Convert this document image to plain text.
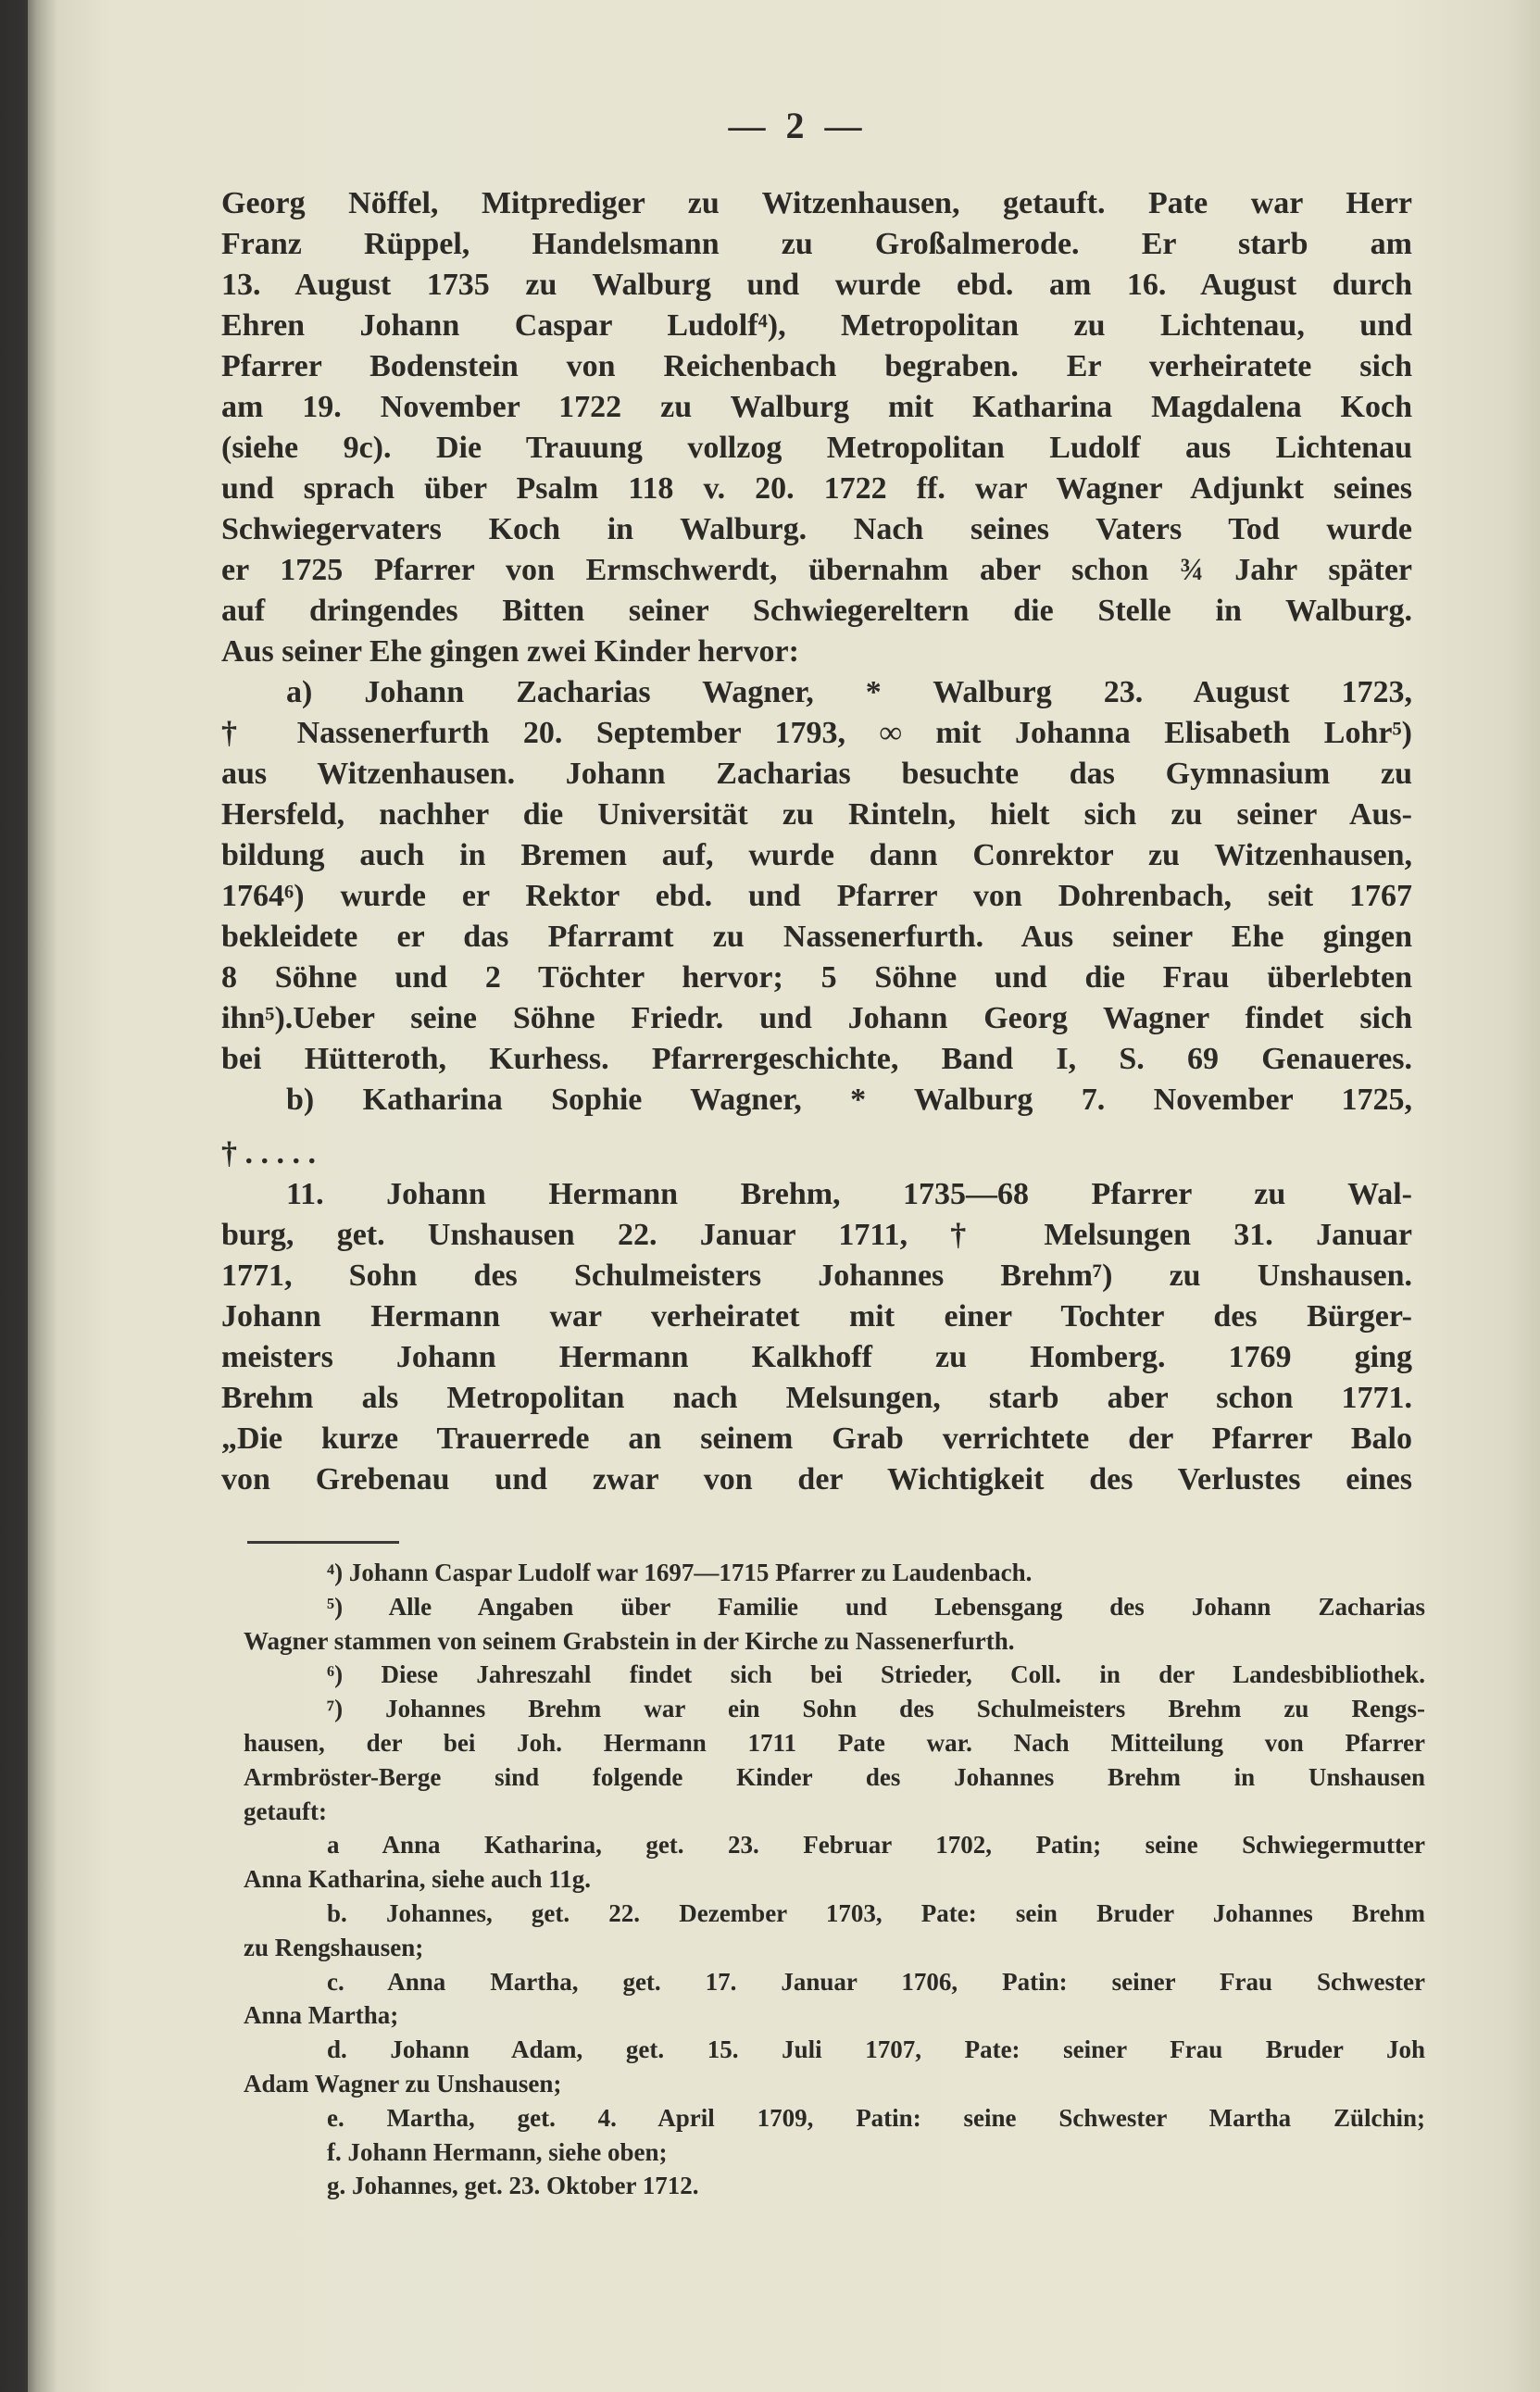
— 2 —
Georg Nöffel, Mitprediger zu Witzenhausen, getauft. Pate war Herr
Franz Rüppel, Handelsmann zu Großalmerode. Er starb am
13. August 1735 zu Walburg und wurde ebd. am 16. August durch
Ehren Johann Caspar Ludolf⁴), Metropolitan zu Lichtenau, und
Pfarrer Bodenstein von Reichenbach begraben. Er verheiratete sich
am 19. November 1722 zu Walburg mit Katharina Magdalena Koch
(siehe 9c). Die Trauung vollzog Metropolitan Ludolf aus Lichtenau
und sprach über Psalm 118 v. 20. 1722 ff. war Wagner Adjunkt seines
Schwiegervaters Koch in Walburg. Nach seines Vaters Tod wurde
er 1725 Pfarrer von Ermschwerdt, übernahm aber schon ¾ Jahr später
auf dringendes Bitten seiner Schwiegereltern die Stelle in Walburg.
Aus seiner Ehe gingen zwei Kinder hervor:
a) Johann Zacharias Wagner, * Walburg 23. August 1723,
† Nassenerfurth 20. September 1793, ∞ mit Johanna Elisabeth Lohr⁵)
aus Witzenhausen. Johann Zacharias besuchte das Gymnasium zu
Hersfeld, nachher die Universität zu Rinteln, hielt sich zu seiner Aus-
bildung auch in Bremen auf, wurde dann Conrektor zu Witzenhausen,
1764⁶) wurde er Rektor ebd. und Pfarrer von Dohrenbach, seit 1767
bekleidete er das Pfarramt zu Nassenerfurth. Aus seiner Ehe gingen
8 Söhne und 2 Töchter hervor; 5 Söhne und die Frau überlebten
ihn⁵).Ueber seine Söhne Friedr. und Johann Georg Wagner findet sich
bei Hütteroth, Kurhess. Pfarrergeschichte, Band I, S. 69 Genaueres.
b) Katharina Sophie Wagner, * Walburg 7. November 1725,
† . . . . .
11. Johann Hermann Brehm, 1735—68 Pfarrer zu Wal-
burg, get. Unshausen 22. Januar 1711, † Melsungen 31. Januar
1771, Sohn des Schulmeisters Johannes Brehm⁷) zu Unshausen.
Johann Hermann war verheiratet mit einer Tochter des Bürger-
meisters Johann Hermann Kalkhoff zu Homberg. 1769 ging
Brehm als Metropolitan nach Melsungen, starb aber schon 1771.
„Die kurze Trauerrede an seinem Grab verrichtete der Pfarrer Balo
von Grebenau und zwar von der Wichtigkeit des Verlustes eines
⁴) Johann Caspar Ludolf war 1697—1715 Pfarrer zu Laudenbach.
⁵) Alle Angaben über Familie und Lebensgang des Johann Zacharias
Wagner stammen von seinem Grabstein in der Kirche zu Nassenerfurth.
⁶) Diese Jahreszahl findet sich bei Strieder, Coll. in der Landesbibliothek.
⁷) Johannes Brehm war ein Sohn des Schulmeisters Brehm zu Rengs-
hausen, der bei Joh. Hermann 1711 Pate war. Nach Mitteilung von Pfarrer
Armbröster-Berge sind folgende Kinder des Johannes Brehm in Unshausen
getauft:
a Anna Katharina, get. 23. Februar 1702, Patin; seine Schwiegermutter
Anna Katharina, siehe auch 11g.
b. Johannes, get. 22. Dezember 1703, Pate: sein Bruder Johannes Brehm
zu Rengshausen;
c. Anna Martha, get. 17. Januar 1706, Patin: seiner Frau Schwester
Anna Martha;
d. Johann Adam, get. 15. Juli 1707, Pate: seiner Frau Bruder Joh
Adam Wagner zu Unshausen;
e. Martha, get. 4. April 1709, Patin: seine Schwester Martha Zülchin;
f. Johann Hermann, siehe oben;
g. Johannes, get. 23. Oktober 1712.
